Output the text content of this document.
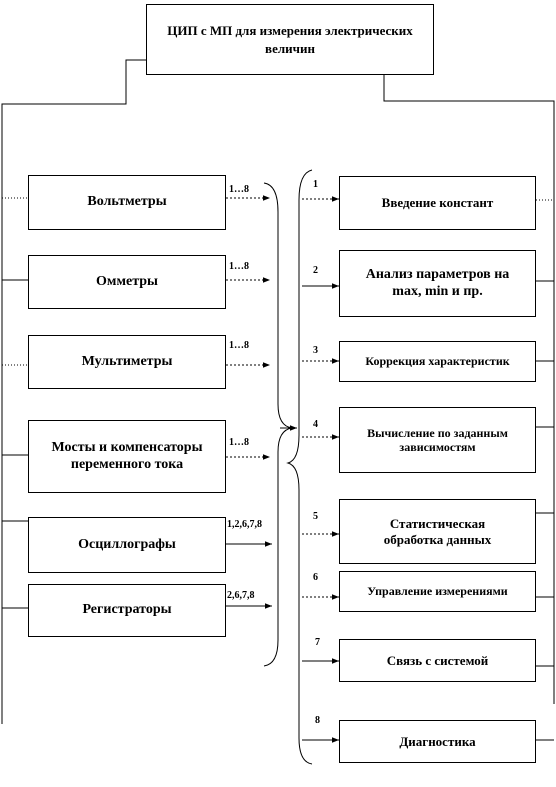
ЦИП с МП для измерения электрических величин
Вольтметры
Омметры
Мультиметры
Мосты и компенсаторы переменного тока
Осциллографы
Регистраторы
1…8
1…8
1…8
1…8
1,2,6,7,8
2,6,7,8
1
2
3
4
5
6
7
8
Введение констант
Анализ параметров на max, min и пр.
Коррекция характеристик
Вычисление по заданным зависимостям
Статистическая обработка данных
Управление измерениями
Связь с системой
Диагностика
